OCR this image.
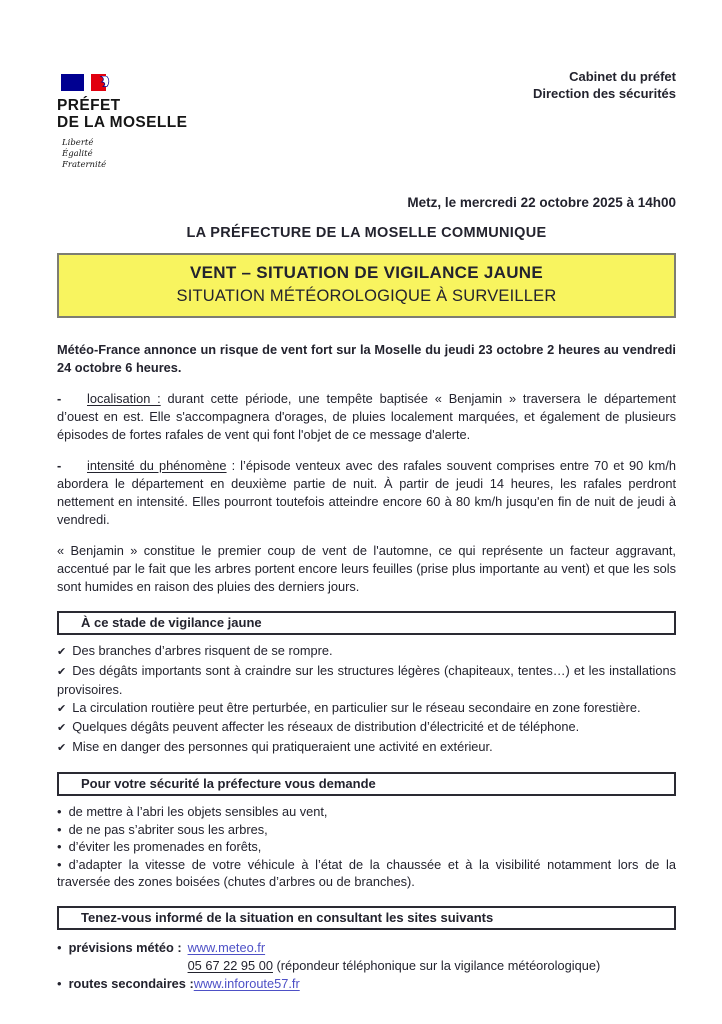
PRÉFET
DE LA MOSELLE
Liberté
Égalité
Fraternité
Cabinet du préfet
Direction des sécurités
Metz, le mercredi 22 octobre 2025 à 14h00
LA PRÉFECTURE DE LA MOSELLE COMMUNIQUE
VENT – SITUATION DE VIGILANCE JAUNE
SITUATION MÉTÉOROLOGIQUE À SURVEILLER

Météo-France annonce un risque de vent fort sur la Moselle du jeudi 23 octobre 2 heures au vendredi 24 octobre 6 heures.

- localisation : durant cette période, une tempête baptisée « Benjamin » traversera le département d’ouest en est. Elle s'accompagnera d'orages, de pluies localement marquées, et également de plusieurs épisodes de fortes rafales de vent qui font l'objet de ce message d'alerte.

- intensité du phénomène : l’épisode venteux avec des rafales souvent comprises entre 70 et 90 km/h abordera le département en deuxième partie de nuit. À partir de jeudi 14 heures, les rafales perdront nettement en intensité. Elles pourront toutefois atteindre encore 60 à 80 km/h jusqu'en fin de nuit de jeudi à vendredi.

« Benjamin » constitue le premier coup de vent de l'automne, ce qui représente un facteur aggravant, accentué par le fait que les arbres portent encore leurs feuilles (prise plus importante au vent) et que les sols sont humides en raison des pluies des derniers jours.

À ce stade de vigilance jaune

✔ Des branches d’arbres risquent de se rompre.

✔ Des dégâts importants sont à craindre sur les structures légères (chapiteaux, tentes…) et les installations provisoires.

✔ La circulation routière peut être perturbée, en particulier sur le réseau secondaire en zone forestière.

✔ Quelques dégâts peuvent affecter les réseaux de distribution d’électricité et de téléphone.

✔ Mise en danger des personnes qui pratiqueraient une activité en extérieur.

Pour votre sécurité la préfecture vous demande

• de mettre à l’abri les objets sensibles au vent,

• de ne pas s’abriter sous les arbres,

• d’éviter les promenades en forêts,

• d’adapter la vitesse de votre véhicule à l’état de la chaussée et à la visibilité notamment lors de la traversée des zones boisées (chutes d’arbres ou de branches).

Tenez-vous informé de la situation en consultant les sites suivants
• prévisions météo : www.meteo.fr
05 67 22 95 00 (répondeur téléphonique sur la vigilance météorologique)
• routes secondaires : www.inforoute57.fr
